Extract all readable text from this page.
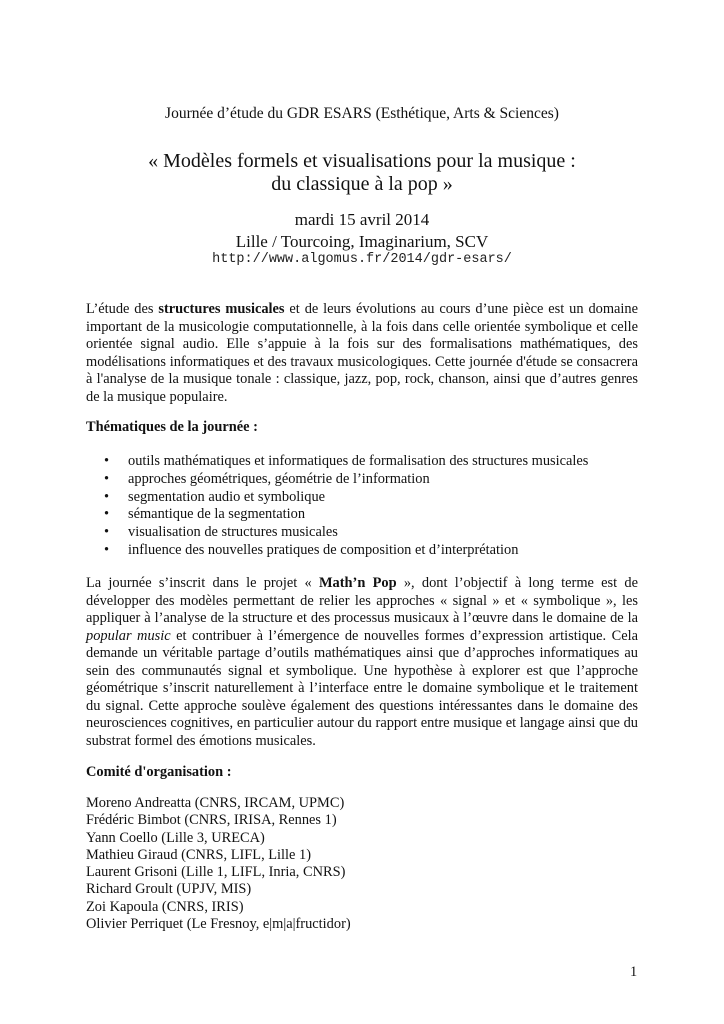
Journée d’étude du GDR ESARS (Esthétique, Arts & Sciences)
« Modèles formels et visualisations pour la musique :
du classique à la pop »
mardi 15 avril 2014
Lille / Tourcoing, Imaginarium, SCV
http://www.algomus.fr/2014/gdr-esars/
L’étude des structures musicales et de leurs évolutions au cours d’une pièce est un domaine important de la musicologie computationnelle, à la fois dans celle orientée symbolique et celle orientée signal audio. Elle s’appuie à la fois sur des formalisations mathématiques, des modélisations informatiques et des travaux musicologiques. Cette journée d'étude se consacrera à l'analyse de la musique tonale : classique, jazz, pop, rock, chanson, ainsi que d’autres genres de la musique populaire.
Thématiques de la journée :
• outils mathématiques et informatiques de formalisation des structures musicales
• approches géométriques, géométrie de l’information
• segmentation audio et symbolique
• sémantique de la segmentation
• visualisation de structures musicales
• influence des nouvelles pratiques de composition et d’interprétation
La journée s’inscrit dans le projet « Math’n Pop », dont l’objectif à long terme est de développer des modèles permettant de relier les approches « signal » et « symbolique », les appliquer à l’analyse de la structure et des processus musicaux à l’œuvre dans le domaine de la popular music et contribuer à l’émergence de nouvelles formes d’expression artistique. Cela demande un véritable partage d’outils mathématiques ainsi que d’approches informatiques au sein des communautés signal et symbolique. Une hypothèse à explorer est que l’approche géométrique s’inscrit naturellement à l’interface entre le domaine symbolique et le traitement du signal. Cette approche soulève également des questions intéressantes dans le domaine des neurosciences cognitives, en particulier autour du rapport entre musique et langage ainsi que du substrat formel des émotions musicales.
Comité d'organisation :
Moreno Andreatta (CNRS, IRCAM, UPMC)
Frédéric Bimbot (CNRS, IRISA, Rennes 1)
Yann Coello (Lille 3, URECA)
Mathieu Giraud (CNRS, LIFL, Lille 1)
Laurent Grisoni (Lille 1, LIFL, Inria, CNRS)
Richard Groult (UPJV, MIS)
Zoi Kapoula (CNRS, IRIS)
Olivier Perriquet (Le Fresnoy, e|m|a|fructidor)
1
